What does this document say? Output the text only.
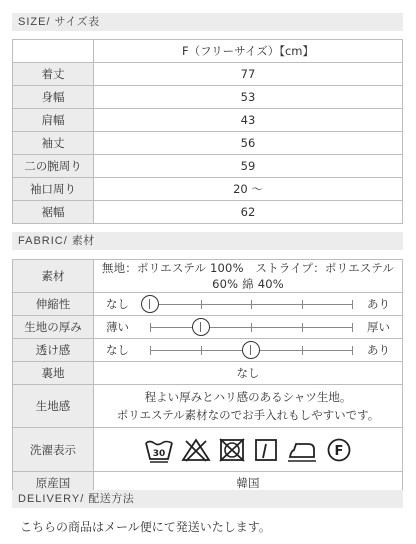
SIZE/ サイズ表
	F（フリーサイズ）【cm】
着丈	77
身幅	53
肩幅	43
袖丈	56
二の腕周り	59
袖口周り	20 〜
裾幅	62
FABRIC/ 素材
素材	無地：ポリエステル 100%　ストライプ：ポリエステル 60% 綿 40%
伸縮性	なし あり

生地の厚み	薄い 厚い

透け感	なし あり

裏地	なし
生地感	程よい厚みとハリ感のあるシャツ生地。
ポリエステル素材なのでお手入れもしやすいです。

洗濯表示	30 F

原産国	韓国
DELIVERY/ 配送方法
こちらの商品はメール便にて発送いたします。
